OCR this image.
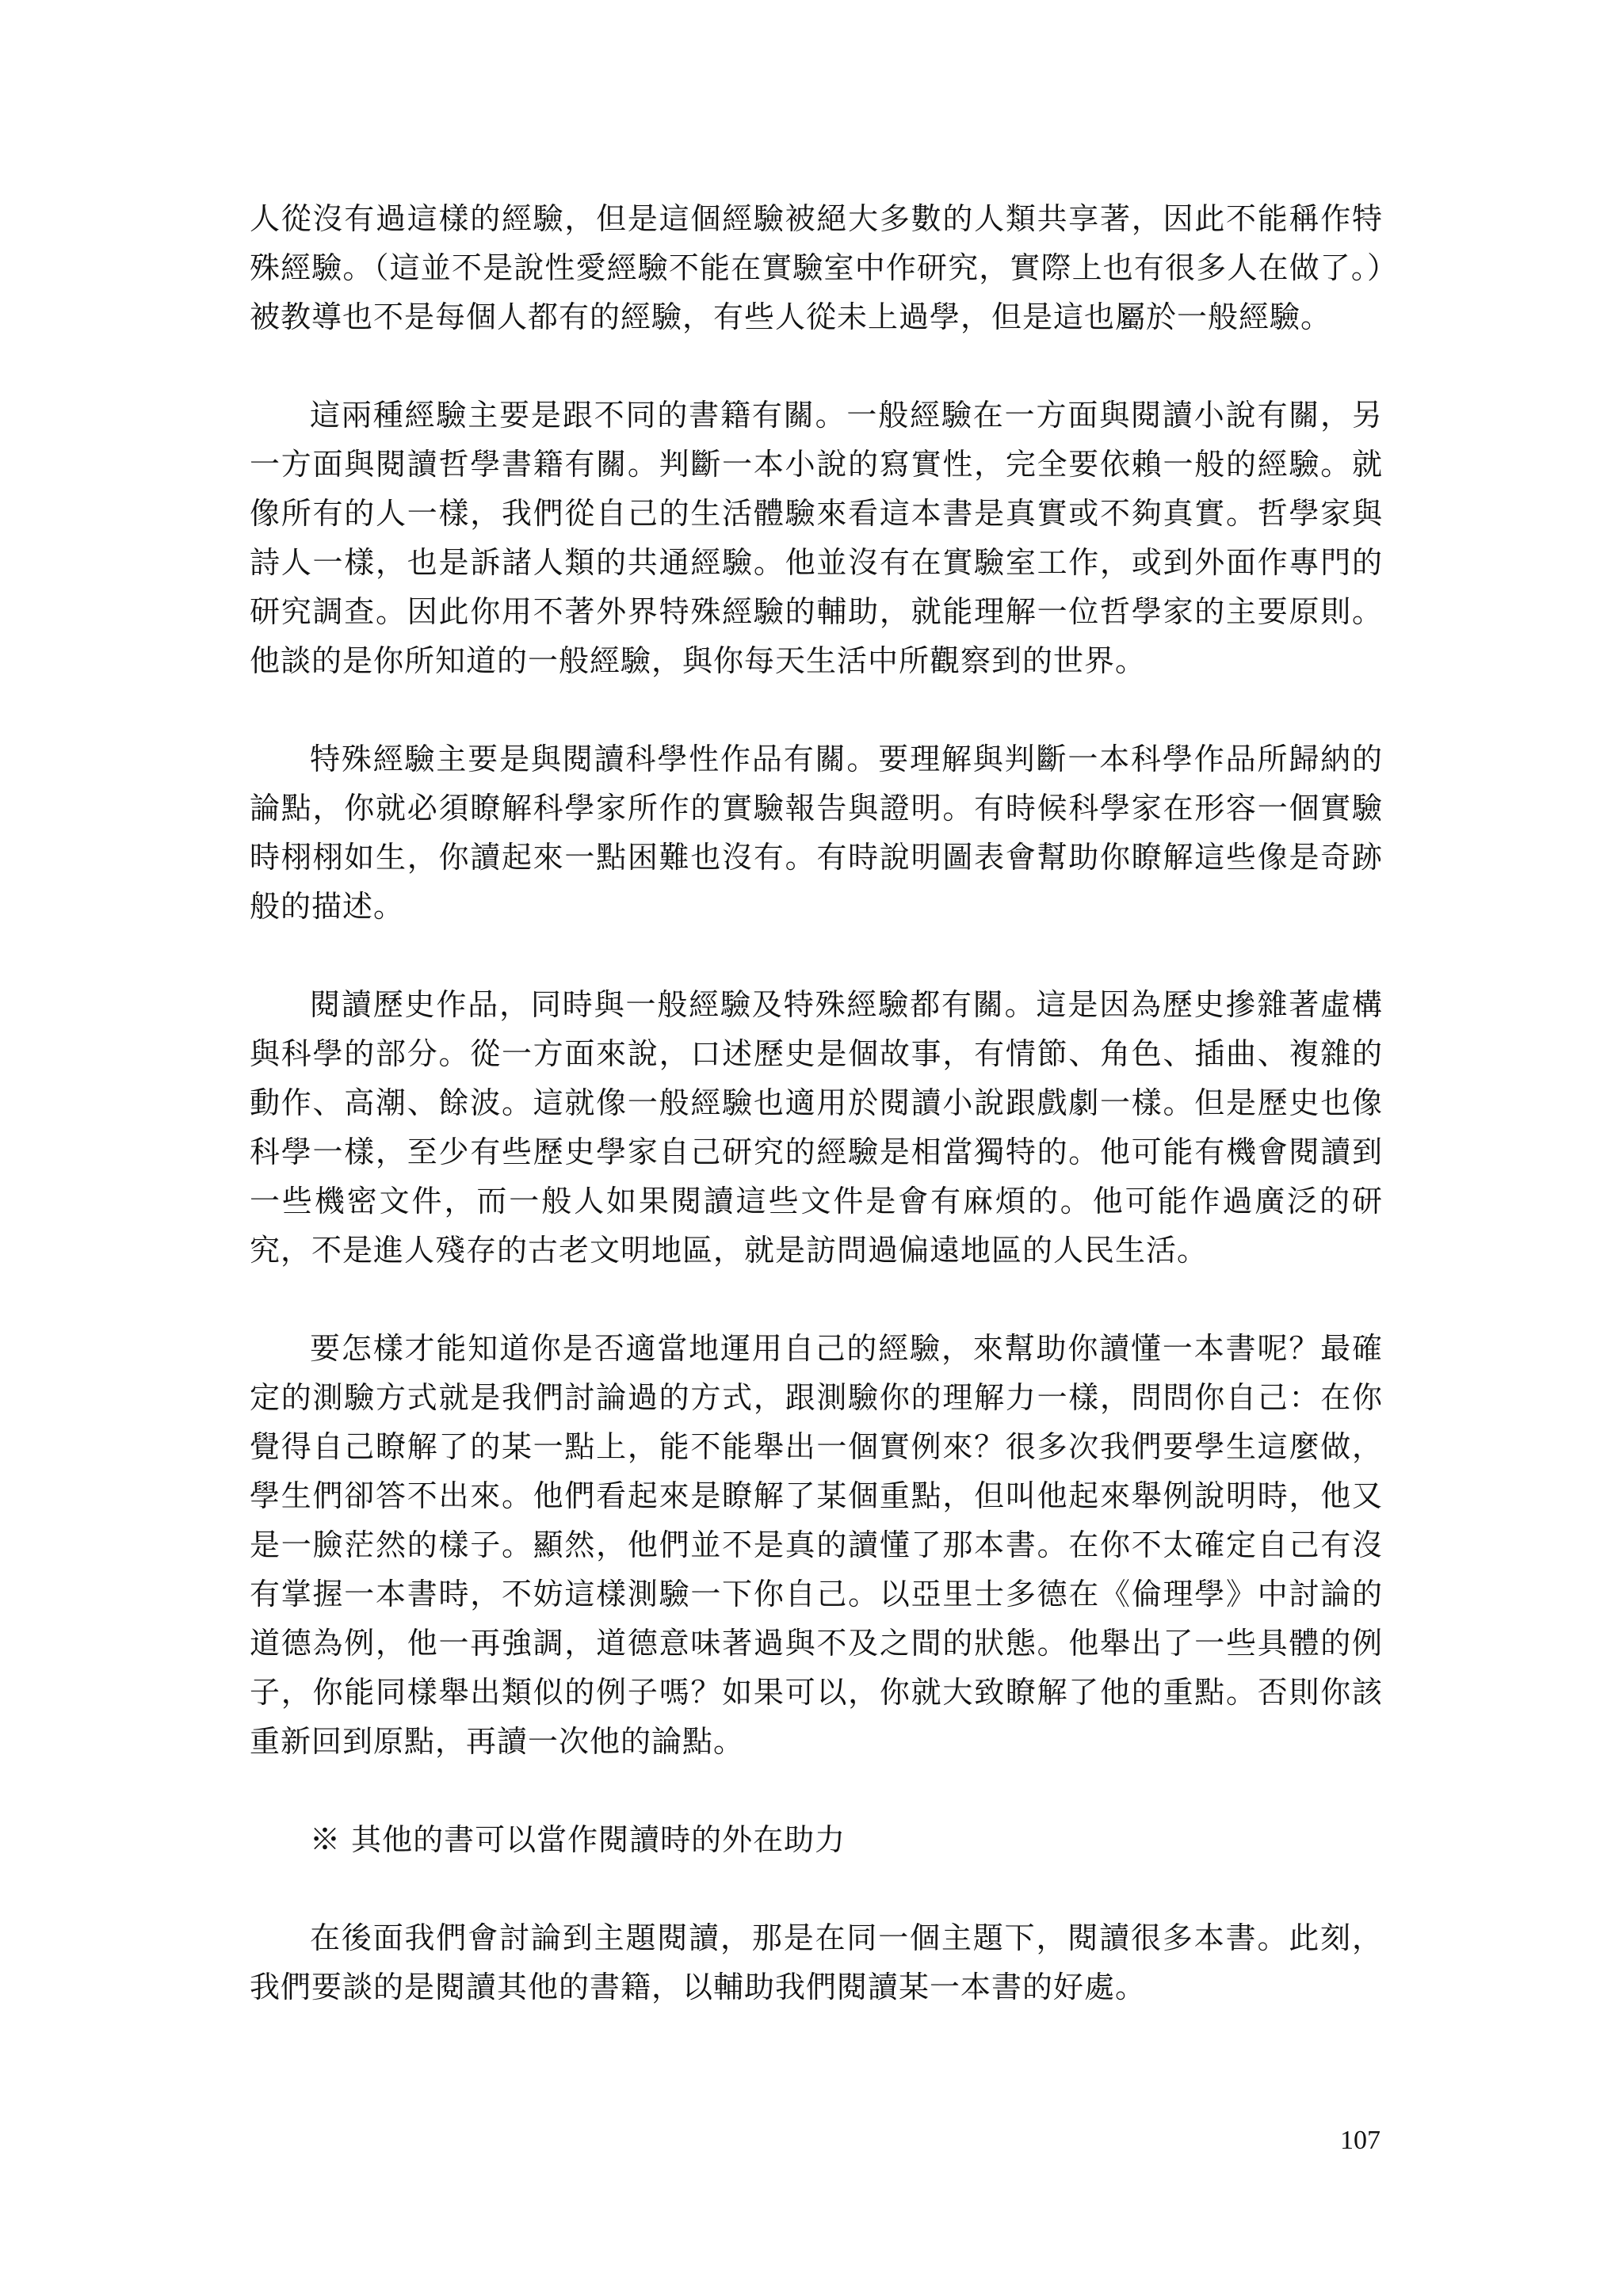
人從沒有過這樣的經驗，但是這個經驗被絕大多數的人類共享著，因此不能稱作特殊經驗。（這並不是說性愛經驗不能在實驗室中作研究，實際上也有很多人在做了。）被教導也不是每個人都有的經驗，有些人從未上過學，但是這也屬於一般經驗。

這兩種經驗主要是跟不同的書籍有關。一般經驗在一方面與閱讀小說有關，另一方面與閱讀哲學書籍有關。判斷一本小說的寫實性，完全要依賴一般的經驗。就像所有的人一樣，我們從自己的生活體驗來看這本書是真實或不夠真實。哲學家與詩人一樣，也是訴諸人類的共通經驗。他並沒有在實驗室工作，或到外面作專門的研究調查。因此你用不著外界特殊經驗的輔助，就能理解一位哲學家的主要原則。他談的是你所知道的一般經驗，與你每天生活中所觀察到的世界。

特殊經驗主要是與閱讀科學性作品有關。要理解與判斷一本科學作品所歸納的論點，你就必須瞭解科學家所作的實驗報告與證明。有時候科學家在形容一個實驗時栩栩如生，你讀起來一點困難也沒有。有時說明圖表會幫助你瞭解這些像是奇跡般的描述。

閱讀歷史作品，同時與一般經驗及特殊經驗都有關。這是因為歷史摻雜著虛構與科學的部分。從一方面來說，口述歷史是個故事，有情節、角色、插曲、複雜的動作、高潮、餘波。這就像一般經驗也適用於閱讀小說跟戲劇一樣。但是歷史也像科學一樣，至少有些歷史學家自己研究的經驗是相當獨特的。他可能有機會閱讀到一些機密文件，而一般人如果閱讀這些文件是會有麻煩的。他可能作過廣泛的研究，不是進人殘存的古老文明地區，就是訪問過偏遠地區的人民生活。

要怎樣才能知道你是否適當地運用自己的經驗，來幫助你讀懂一本書呢？最確定的測驗方式就是我們討論過的方式，跟測驗你的理解力一樣，問問你自己：在你覺得自己瞭解了的某一點上，能不能舉出一個實例來？很多次我們要學生這麼做，學生們卻答不出來。他們看起來是瞭解了某個重點，但叫他起來舉例說明時，他又是一臉茫然的樣子。顯然，他們並不是真的讀懂了那本書。在你不太確定自己有沒有掌握一本書時，不妨這樣測驗一下你自己。以亞里士多德在《倫理學》中討論的道德為例，他一再強調，道德意味著過與不及之間的狀態。他舉出了一些具體的例子，你能同樣舉出類似的例子嗎？如果可以，你就大致瞭解了他的重點。否則你該重新回到原點，再讀一次他的論點。

※ 其他的書可以當作閱讀時的外在助力

在後面我們會討論到主題閱讀，那是在同一個主題下，閱讀很多本書。此刻，我們要談的是閱讀其他的書籍，以輔助我們閱讀某一本書的好處。

107
